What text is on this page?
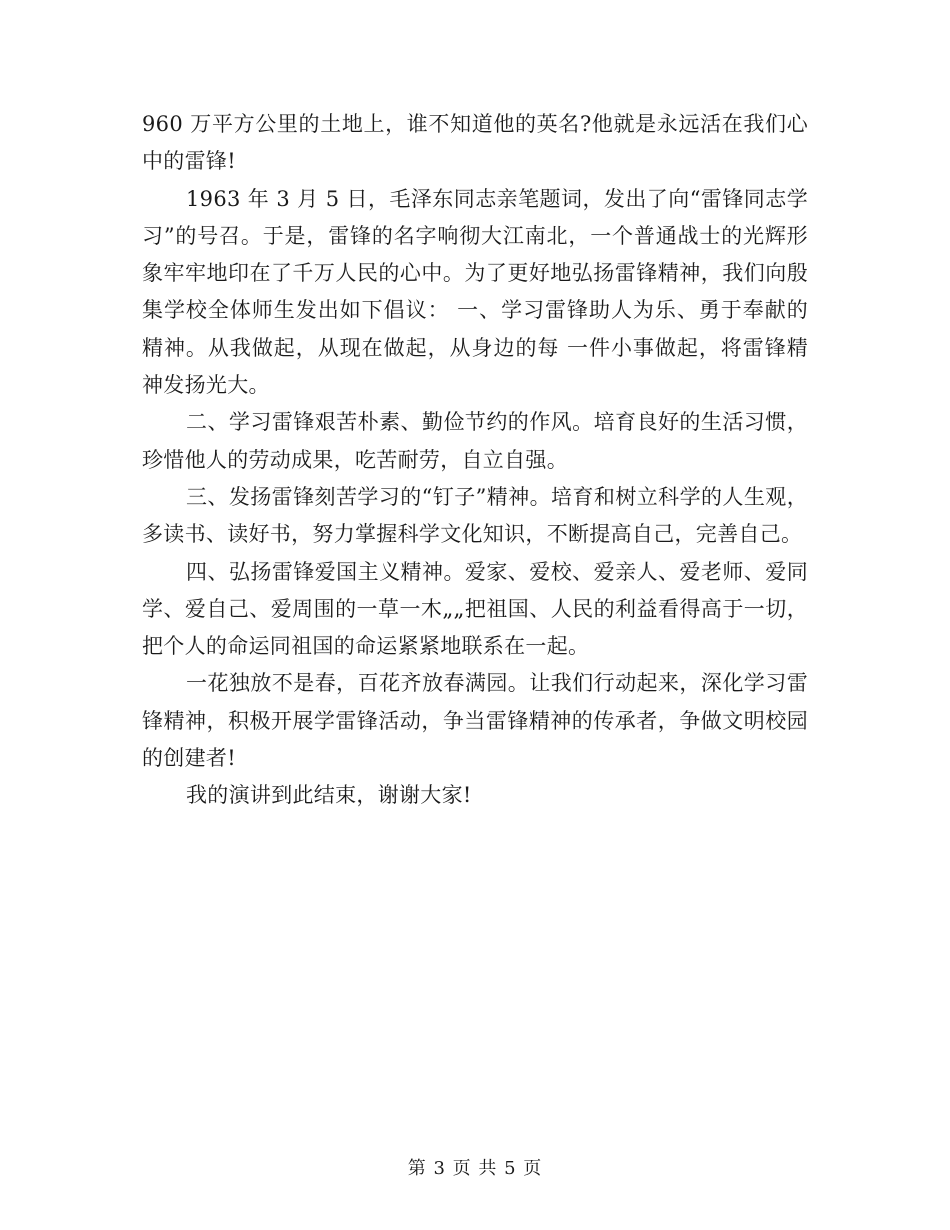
960 万平方公里的土地上，谁不知道他的英名?他就是永远活在我们心中的雷锋!

1963 年 3 月 5 日，毛泽东同志亲笔题词，发出了向“雷锋同志学习”的号召。于是，雷锋的名字响彻大江南北，一个普通战士的光辉形象牢牢地印在了千万人民的心中。为了更好地弘扬雷锋精神，我们向殷集学校全体师生发出如下倡议： 一、学习雷锋助人为乐、勇于奉献的精神。从我做起，从现在做起，从身边的每 一件小事做起，将雷锋精神发扬光大。

二、学习雷锋艰苦朴素、勤俭节约的作风。培育良好的生活习惯，珍惜他人的劳动成果，吃苦耐劳，自立自强。

三、发扬雷锋刻苦学习的“钉子”精神。培育和树立科学的人生观，多读书、读好书，努力掌握科学文化知识，不断提高自己，完善自己。

四、弘扬雷锋爱国主义精神。爱家、爱校、爱亲人、爱老师、爱同学、爱自己、爱周围的一草一木„„把祖国、人民的利益看得高于一切，把个人的命运同祖国的命运紧紧地联系在一起。

一花独放不是春，百花齐放春满园。让我们行动起来，深化学习雷锋精神，积极开展学雷锋活动，争当雷锋精神的传承者，争做文明校园的创建者!

我的演讲到此结束，谢谢大家!

第 3 页 共 5 页
